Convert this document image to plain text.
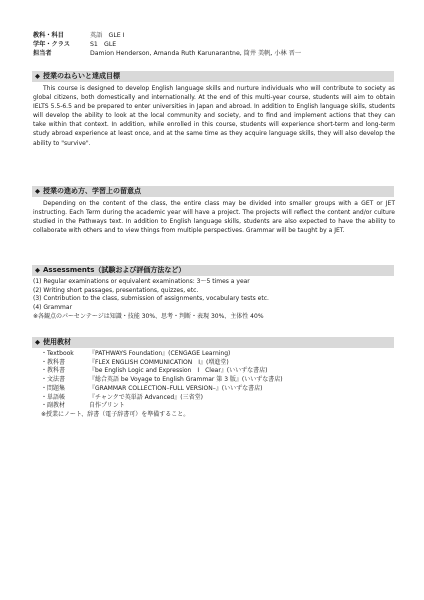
教科・科目	英語　GLE I
学年・クラス	S1　GLE
担当者	Damion Henderson, Amanda Ruth Karunarantne, 筒井 美帆, 小林 晋一
◆ 授業のねらいと達成目標
This course is designed to develop English language skills and nurture individuals who will contribute to society as global citizens, both domestically and internationally. At the end of this multi-year course, students will aim to obtain IELTS 5.5-6.5 and be prepared to enter universities in Japan and abroad. In addition to English language skills, students will develop the ability to look at the local community and society, and to find and implement actions that they can take within that context. In addition, while enrolled in this course, students will experience short-term and long-term study abroad experience at least once, and at the same time as they acquire language skills, they will also develop the ability to "survive".
◆ 授業の進め方、学習上の留意点
Depending on the content of the class, the entire class may be divided into smaller groups with a GET or JET instructing. Each Term during the academic year will have a project. The projects will reflect the content and/or culture studied in the Pathways text. In addition to English language skills, students are also expected to have the ability to collaborate with others and to view things from multiple perspectives. Grammar will be taught by a JET.
◆ Assessments（試験および評価方法など）
(1) Regular examinations or equivalent examinations: 3～5 times a year
(2) Writing short passages, presentations, quizzes, etc.
(3) Contribution to the class, submission of assignments, vocabulary tests etc.
(4) Grammar
※各観点のパーセンテージは知識・技能 30%、思考・判断・表現 30%、主体性 40%
◆ 使用教材
・Textbook	『PATHWAYS Foundation』(CENGAGE Learning)
・教科書	『FLEX ENGLISH COMMUNICATION　I』(増進堂)
・教科書	『be English Logic and Expression　I　Clear』(いいずな書店)
・文法書	『総合英語 be Voyage to English Grammar 第 3 版』(いいずな書店)
・問題集	『GRAMMAR COLLECTION–FULL VERSION–』(いいずな書店)
・単語帳	『チャンクで英単語 Advanced』(三省堂)
・副教材	自作プリント
※授業にノート、辞書（電子辞書可）を準備すること。
